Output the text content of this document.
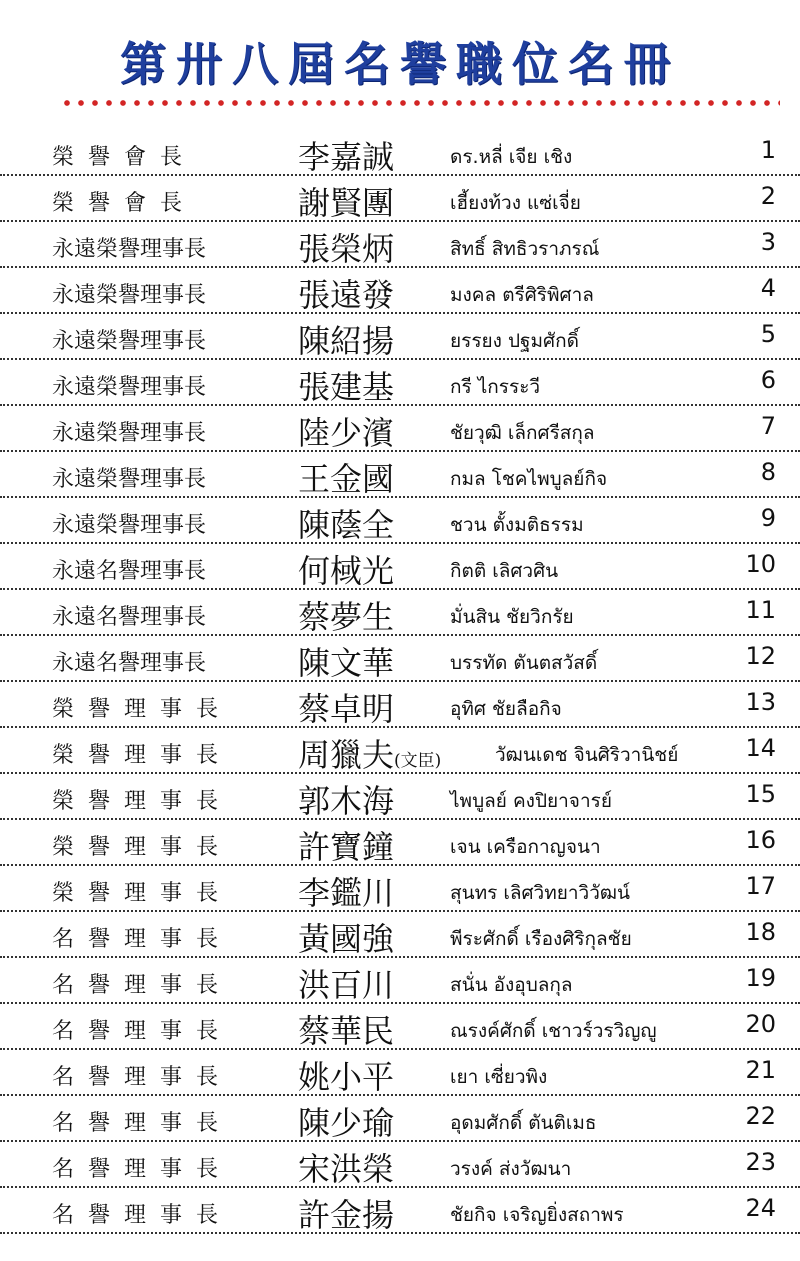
第卅八屆名譽職位名冊
榮譽會長	李嘉誠	ดร.หลี่ เจีย เชิง	1
榮譽會長	謝賢團	เฮี้ยงท้วง แซ่เจี่ย	2
永遠榮譽理事長	張榮炳	สิทธิ์ สิทธิวราภรณ์	3
永遠榮譽理事長	張遠發	มงคล ตรีศิริพิศาล	4
永遠榮譽理事長	陳紹揚	ยรรยง ปฐมศักดิ์	5
永遠榮譽理事長	張建基	กรี ไกรระวี	6
永遠榮譽理事長	陸少濱	ชัยวุฒิ เล็กศรีสกุล	7
永遠榮譽理事長	王金國	กมล โชคไพบูลย์กิจ	8
永遠榮譽理事長	陳蔭全	ชวน ตั้งมติธรรม	9
永遠名譽理事長	何棫光	กิตติ เลิศวศิน	10
永遠名譽理事長	蔡夢生	มั่นสิน ชัยวิกรัย	11
永遠名譽理事長	陳文華	บรรทัด ตันตสวัสดิ์	12
榮譽理事長	蔡卓明	อุทิศ ชัยลือกิจ	13
榮譽理事長	周獵夫(文臣)	วัฒนเดช จินศิริวานิชย์	14
榮譽理事長	郭木海	ไพบูลย์ คงปิยาจารย์	15
榮譽理事長	許寶鐘	เจน เครือกาญจนา	16
榮譽理事長	李鑑川	สุนทร เลิศวิทยาวิวัฒน์	17
名譽理事長	黃國強	พีระศักดิ์ เรืองศิริกุลชัย	18
名譽理事長	洪百川	สนั่น อังอุบลกุล	19
名譽理事長	蔡華民	ณรงค์ศักดิ์ เชาวร์วรวิญญู	20
名譽理事長	姚小平	เยา เซี่ยวพิง	21
名譽理事長	陳少瑜	อุดมศักดิ์ ตันติเมธ	22
名譽理事長	宋洪榮	วรงค์ ส่งวัฒนา	23
名譽理事長	許金揚	ชัยกิจ เจริญยิ่งสถาพร	24
